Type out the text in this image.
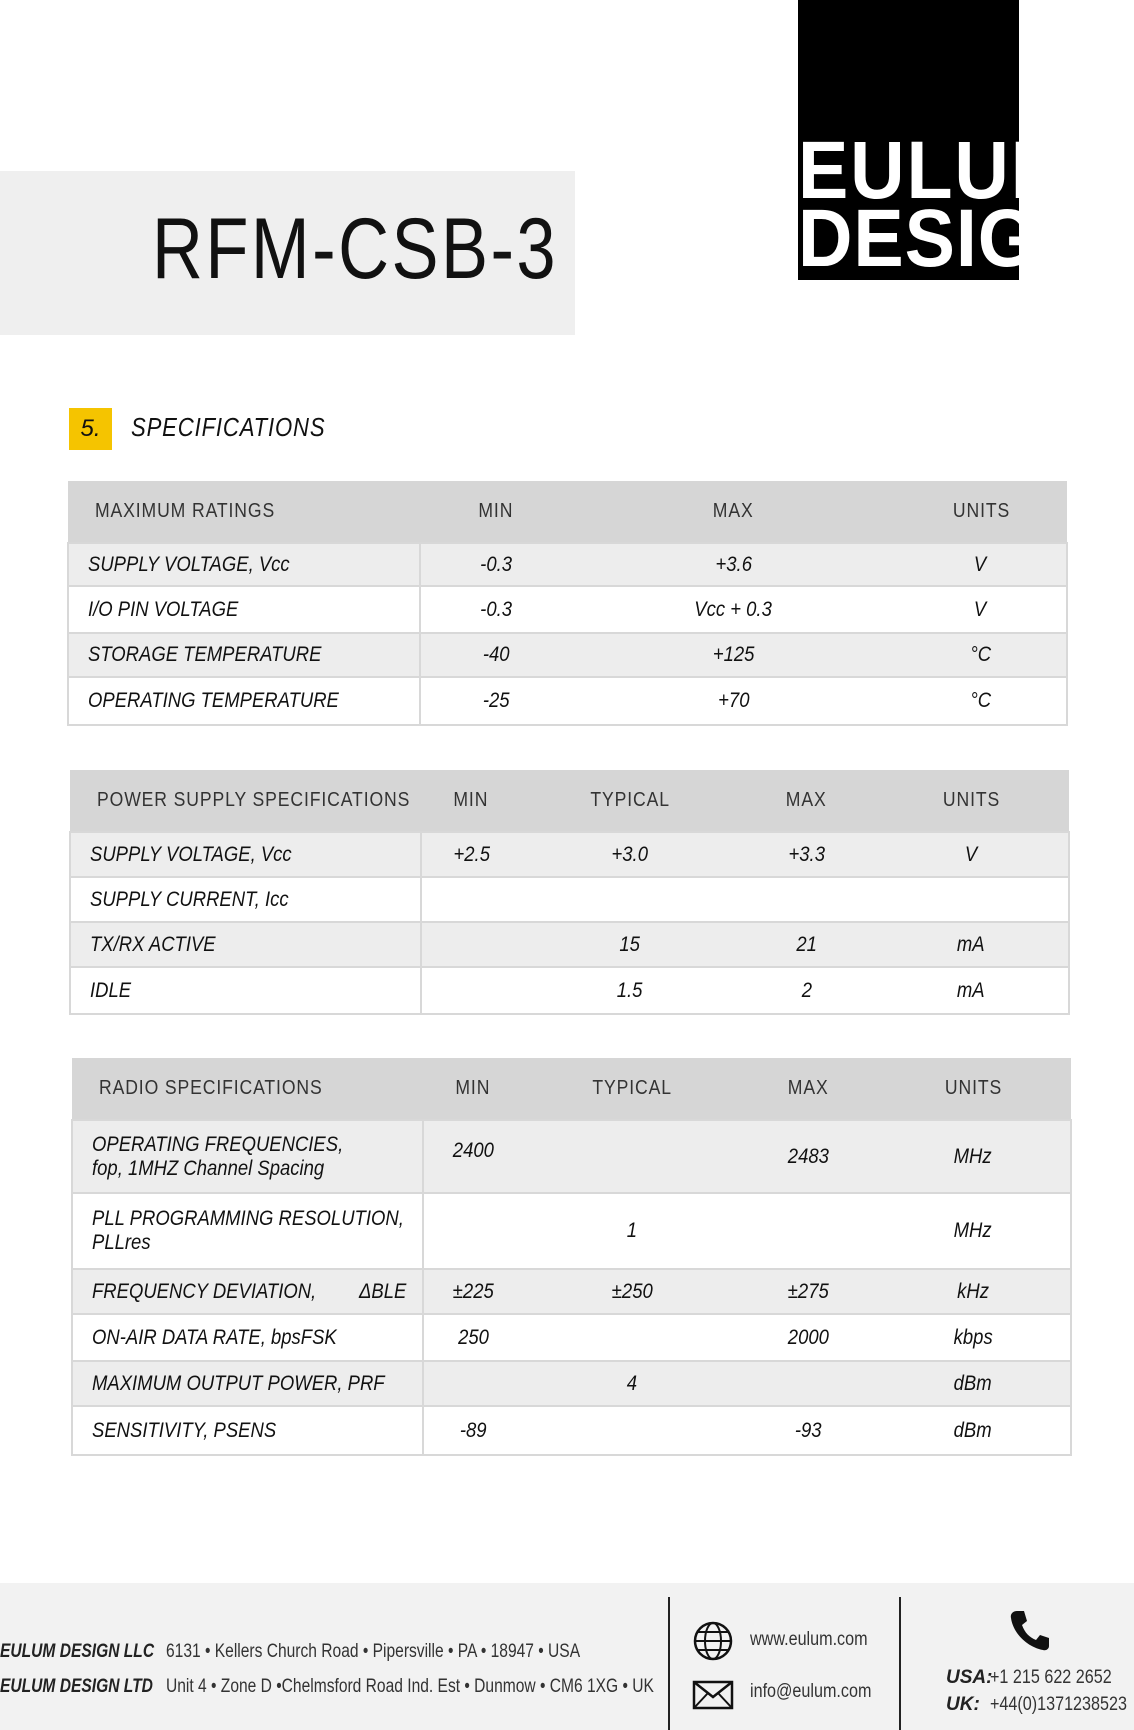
RFM-CSB-3
EULUM
DESIGN
5.	SPECIFICATIONS
MAXIMUM RATINGS	MIN	MAX	UNITS
SUPPLY VOLTAGE, Vcc	-0.3	+3.6	V
I/O PIN VOLTAGE	-0.3	Vcc + 0.3	V
STORAGE TEMPERATURE	-40	+125	°C
OPERATING TEMPERATURE	-25	+70	°C
POWER SUPPLY SPECIFICATIONS	MIN	TYPICAL	MAX	UNITS
SUPPLY VOLTAGE, Vcc	+2.5	+3.0	+3.3	V
SUPPLY CURRENT, Icc				
TX/RX ACTIVE		15	21	mA
IDLE		1.5	2	mA
RADIO SPECIFICATIONS	MIN	TYPICAL	MAX	UNITS
OPERATING FREQUENCIES,
fop, 1MHZ Channel Spacing	2400		2483	MHz
PLL PROGRAMMING RESOLUTION,
PLLres		1		MHz
FREQUENCY DEVIATION, ΔBLE	±225	±250	±275	kHz
ON-AIR DATA RATE, bpsFSK	250		2000	kbps
MAXIMUM OUTPUT POWER, PRF		4		dBm
SENSITIVITY, PSENS	-89		-93	dBm
EULUM DESIGN LLC 6131 • Kellers Church Road • Pipersville • PA • 18947 • USA
EULUM DESIGN LTD Unit 4 • Zone D •Chelmsford Road Ind. Est • Dunmow • CM6 1XG • UK
www.eulum.com
info@eulum.com
USA:
+1 215 622 2652
UK: +44(0)1371238523
